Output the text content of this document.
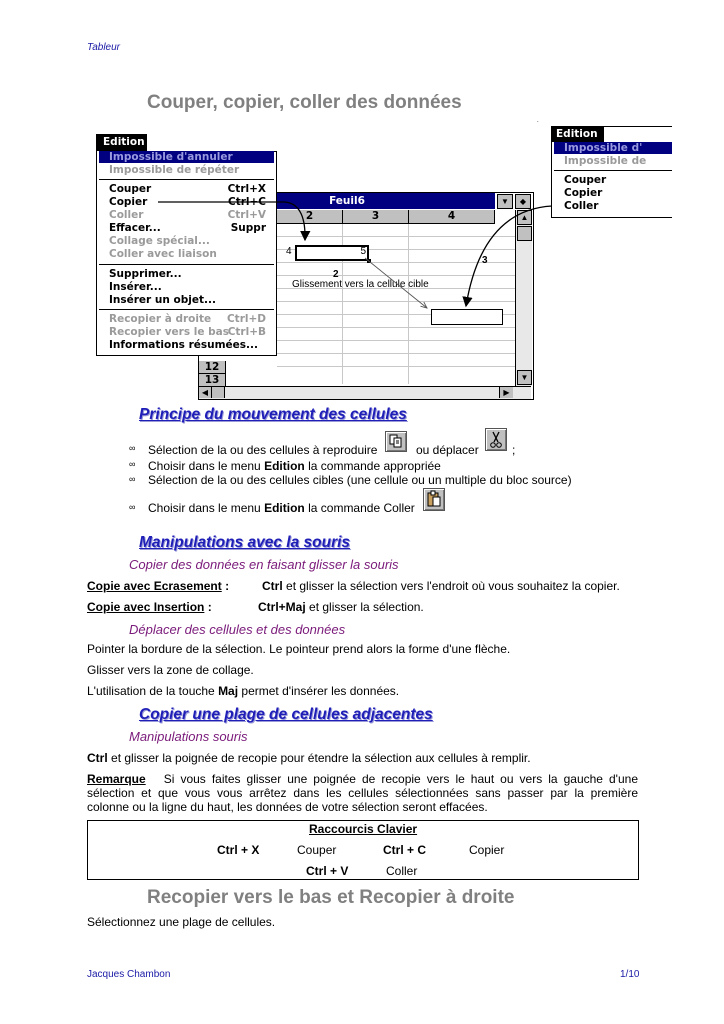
Tableur
Couper, copier, coller des données
Feuil6	▼	◆
2	3	4	▲
▼
12
13
◀	▶
5
4
2
3
Glissement vers la cellule cible
Edition
Impossible d'annuler
Impossible de répéter
Couper	Ctrl+X
Copier	Ctrl+C
Coller	Ctrl+V
Effacer...	Suppr
Collage spécial...
Coller avec liaison
Supprimer...
Insérer...
Insérer un objet...
Recopier à droite Ctrl+D
Recopier vers le bas
Ctrl+B
Informations résumées...
Edition
Impossible d'
Impossible de
Couper
Copier
Coller
.
Principe du mouvement des cellules
∞ Sélection de la ou des cellules à reproduire	ou déplacer	;
∞ Choisir dans le menu Edition la commande appropriée
∞ Sélection de la ou des cellules cibles (une cellule ou un multiple du bloc source)
∞ Choisir dans le menu Edition la commande Coller
Manipulations avec la souris
Copier des données en faisant glisser la souris
Copie avec Ecrasement :	Ctrl et glisser la sélection vers l'endroit où vous souhaitez la copier.
Copie avec Insertion :	Ctrl+Maj et glisser la sélection.
Déplacer des cellules et des données
Pointer la bordure de la sélection. Le pointeur prend alors la forme d'une flèche.
Glisser vers la zone de collage.
L'utilisation de la touche Maj permet d'insérer les données.
Copier une plage de cellules adjacentes
Manipulations souris
Ctrl et glisser la poignée de recopie pour étendre la sélection aux cellules à remplir.
Remarque Si vous faites glisser une poignée de recopie vers le haut ou vers la gauche d'une
sélection et que vous vous arrêtez dans les cellules sélectionnées sans passer par la première
colonne ou la ligne du haut, les données de votre sélection seront effacées.
Raccourcis Clavier
Ctrl + X	Couper	Ctrl + C	Copier
Ctrl + V	Coller
Recopier vers le bas et Recopier à droite
Sélectionnez une plage de cellules.
Jacques Chambon	1/10
